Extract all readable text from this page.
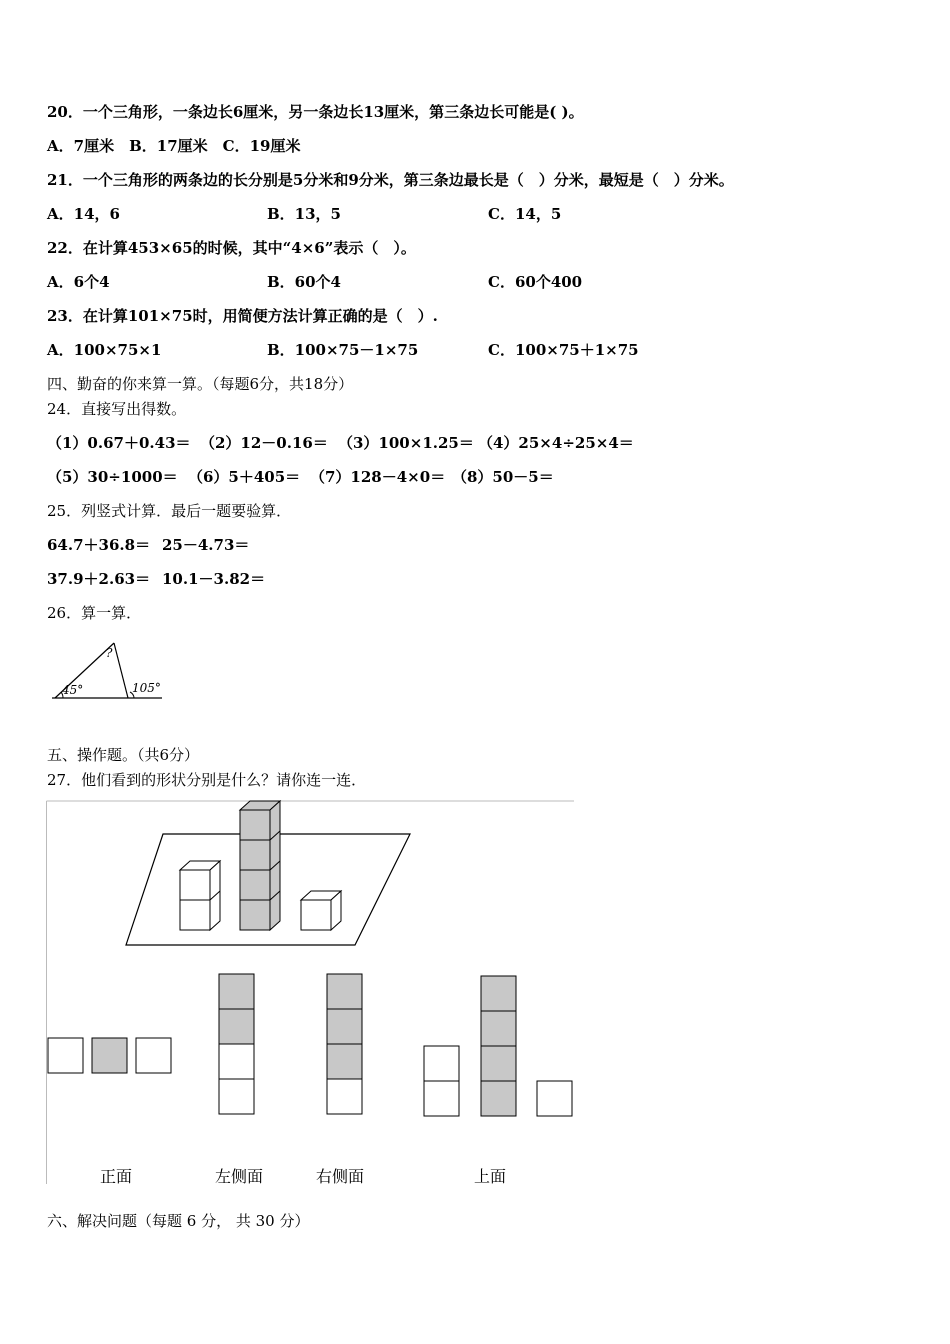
20．一个三角形，一条边长6厘米，另一条边长13厘米，第三条边长可能是( )。
A．7厘米　B．17厘米　C．19厘米
21．一个三角形的两条边的长分别是5分米和9分米，第三条边最长是（　）分米，最短是（　）分米。
A．14，6	B．13，5	C．14，5
22．在计算453×65的时候，其中“4×6”表示（　）。
A．6个4	B．60个4	C．60个400
23．在计算101×75时，用简便方法计算正确的是（　）.
A．100×75×1	B．100×75－1×75	C．100×75＋1×75
四、勤奋的你来算一算。（每题6分，共18分）
24．直接写出得数。
（1）0.67＋0.43＝ （2）12－0.16＝ （3）100×1.25＝ （4）25×4÷25×4＝
（5）30÷1000＝ （6）5＋405＝ （7）128－4×0＝ （8）50－5＝
25．列竖式计算．最后一题要验算．
64.7＋36.8＝ 25－4.73＝
37.9＋2.63＝ 10.1－3.82＝
26．算一算．
45°
?
105°
五、操作题。（共6分）
27．他们看到的形状分别是什么？请你连一连．
正面	左侧面	右侧面	上面
六、解决问题（每题 6 分， 共 30 分）
